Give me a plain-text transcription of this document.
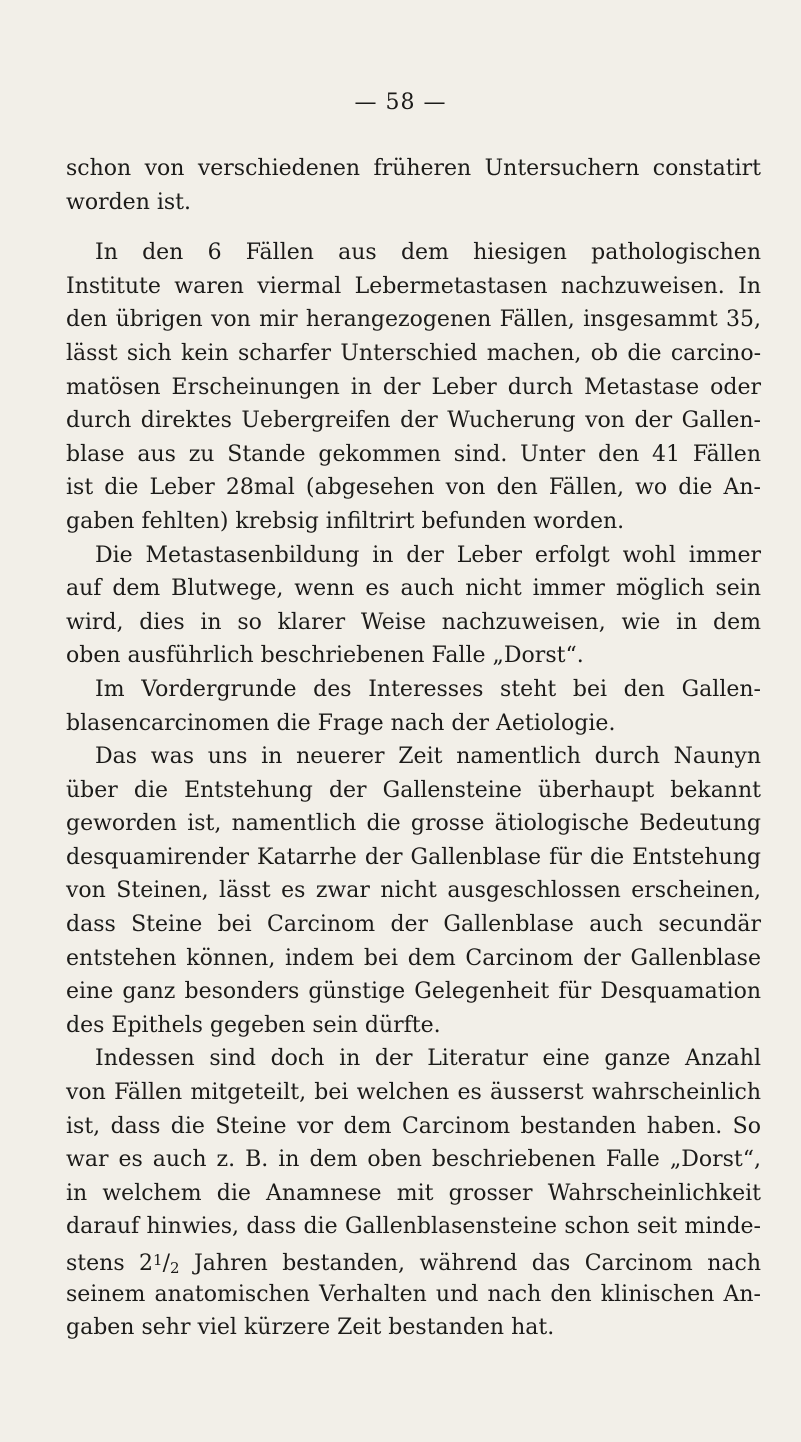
— 58 —
schon von verschiedenen früheren Untersuchern constatirt
worden ist.
In den 6 Fällen aus dem hiesigen pathologischen
Institute waren viermal Lebermetastasen nachzuweisen. In
den übrigen von mir herangezogenen Fällen, insgesammt 35,
lässt sich kein scharfer Unterschied machen, ob die carcino-
matösen Erscheinungen in der Leber durch Metastase oder
durch direktes Uebergreifen der Wucherung von der Gallen-
blase aus zu Stande gekommen sind. Unter den 41 Fällen
ist die Leber 28mal (abgesehen von den Fällen, wo die An-
gaben fehlten) krebsig infiltrirt befunden worden.
Die Metastasenbildung in der Leber erfolgt wohl immer
auf dem Blutwege, wenn es auch nicht immer möglich sein
wird, dies in so klarer Weise nachzuweisen, wie in dem
oben ausführlich beschriebenen Falle „Dorst“.
Im Vordergrunde des Interesses steht bei den Gallen-
blasencarcinomen die Frage nach der Aetiologie.
Das was uns in neuerer Zeit namentlich durch Naunyn
über die Entstehung der Gallensteine überhaupt bekannt
geworden ist, namentlich die grosse ätiologische Bedeutung
desquamirender Katarrhe der Gallenblase für die Entstehung
von Steinen, lässt es zwar nicht ausgeschlossen erscheinen,
dass Steine bei Carcinom der Gallenblase auch secundär
entstehen können, indem bei dem Carcinom der Gallenblase
eine ganz besonders günstige Gelegenheit für Desquamation
des Epithels gegeben sein dürfte.
Indessen sind doch in der Literatur eine ganze Anzahl
von Fällen mitgeteilt, bei welchen es äusserst wahrscheinlich
ist, dass die Steine vor dem Carcinom bestanden haben. So
war es auch z. B. in dem oben beschriebenen Falle „Dorst“,
in welchem die Anamnese mit grosser Wahrscheinlichkeit
darauf hinwies, dass die Gallenblasensteine schon seit minde-
stens $2^1/2$ Jahren bestanden, während das Carcinom nach
seinem anatomischen Verhalten und nach den klinischen An-
gaben sehr viel kürzere Zeit bestanden hat.
